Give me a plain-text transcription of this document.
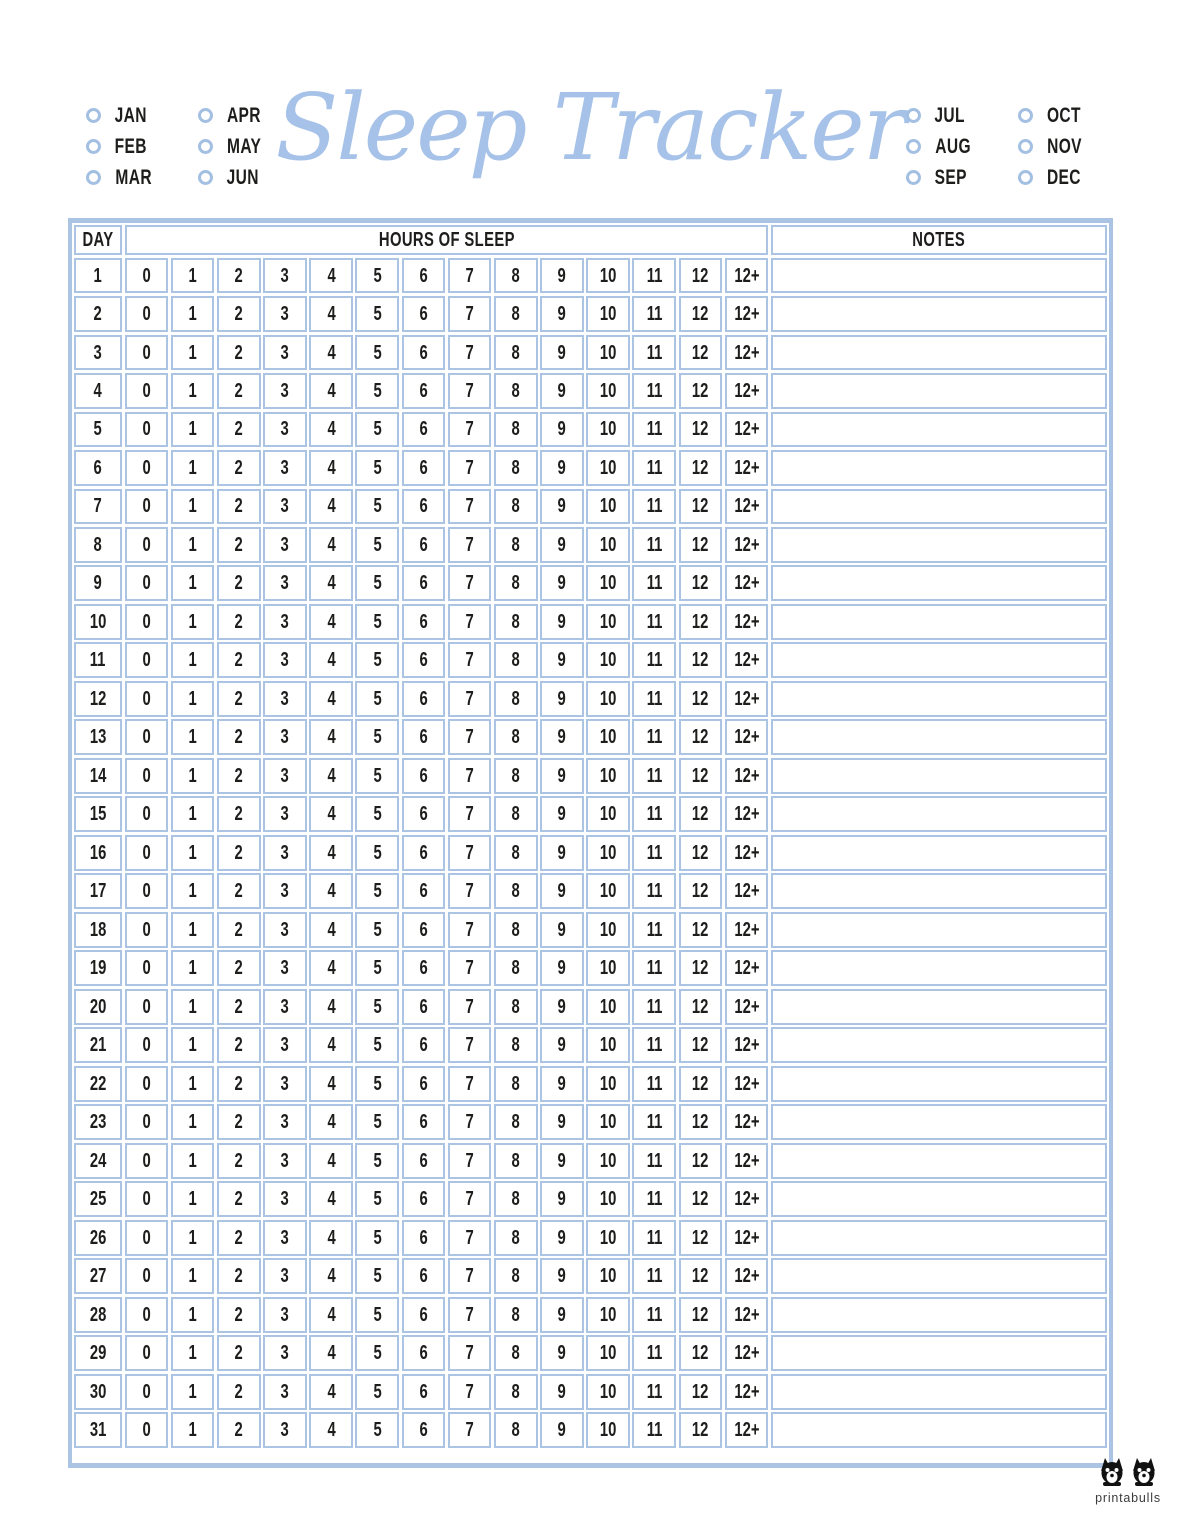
JAN	APR
FEB	MAY
MAR	JUN Sleep Tracker JUL	OCT
AUG	NOV
SEP	DEC
DAY	HOURS OF SLEEP	NOTES
1 0 1 2 3 4 5 6 7 8 9 10 11 12 12+
2 0 1 2 3 4 5 6 7 8 9 10 11 12 12+
3 0 1 2 3 4 5 6 7 8 9 10 11 12 12+
4 0 1 2 3 4 5 6 7 8 9 10 11 12 12+
5 0 1 2 3 4 5 6 7 8 9 10 11 12 12+
6 0 1 2 3 4 5 6 7 8 9 10 11 12 12+
7 0 1 2 3 4 5 6 7 8 9 10 11 12 12+
8 0 1 2 3 4 5 6 7 8 9 10 11 12 12+
9 0 1 2 3 4 5 6 7 8 9 10 11 12 12+
10 0 1 2 3 4 5 6 7 8 9 10 11 12 12+
11 0 1 2 3 4 5 6 7 8 9 10 11 12 12+
12 0 1 2 3 4 5 6 7 8 9 10 11 12 12+
13 0 1 2 3 4 5 6 7 8 9 10 11 12 12+
14 0 1 2 3 4 5 6 7 8 9 10 11 12 12+
15 0 1 2 3 4 5 6 7 8 9 10 11 12 12+
16 0 1 2 3 4 5 6 7 8 9 10 11 12 12+
17 0 1 2 3 4 5 6 7 8 9 10 11 12 12+
18 0 1 2 3 4 5 6 7 8 9 10 11 12 12+
19 0 1 2 3 4 5 6 7 8 9 10 11 12 12+
20 0 1 2 3 4 5 6 7 8 9 10 11 12 12+
21 0 1 2 3 4 5 6 7 8 9 10 11 12 12+
22 0 1 2 3 4 5 6 7 8 9 10 11 12 12+
23 0 1 2 3 4 5 6 7 8 9 10 11 12 12+
24 0 1 2 3 4 5 6 7 8 9 10 11 12 12+
25 0 1 2 3 4 5 6 7 8 9 10 11 12 12+
26 0 1 2 3 4 5 6 7 8 9 10 11 12 12+
27 0 1 2 3 4 5 6 7 8 9 10 11 12 12+
28 0 1 2 3 4 5 6 7 8 9 10 11 12 12+
29 0 1 2 3 4 5 6 7 8 9 10 11 12 12+
30 0 1 2 3 4 5 6 7 8 9 10 11 12 12+
31 0 1 2 3 4 5 6 7 8 9 10 11 12 12+
printabulls
